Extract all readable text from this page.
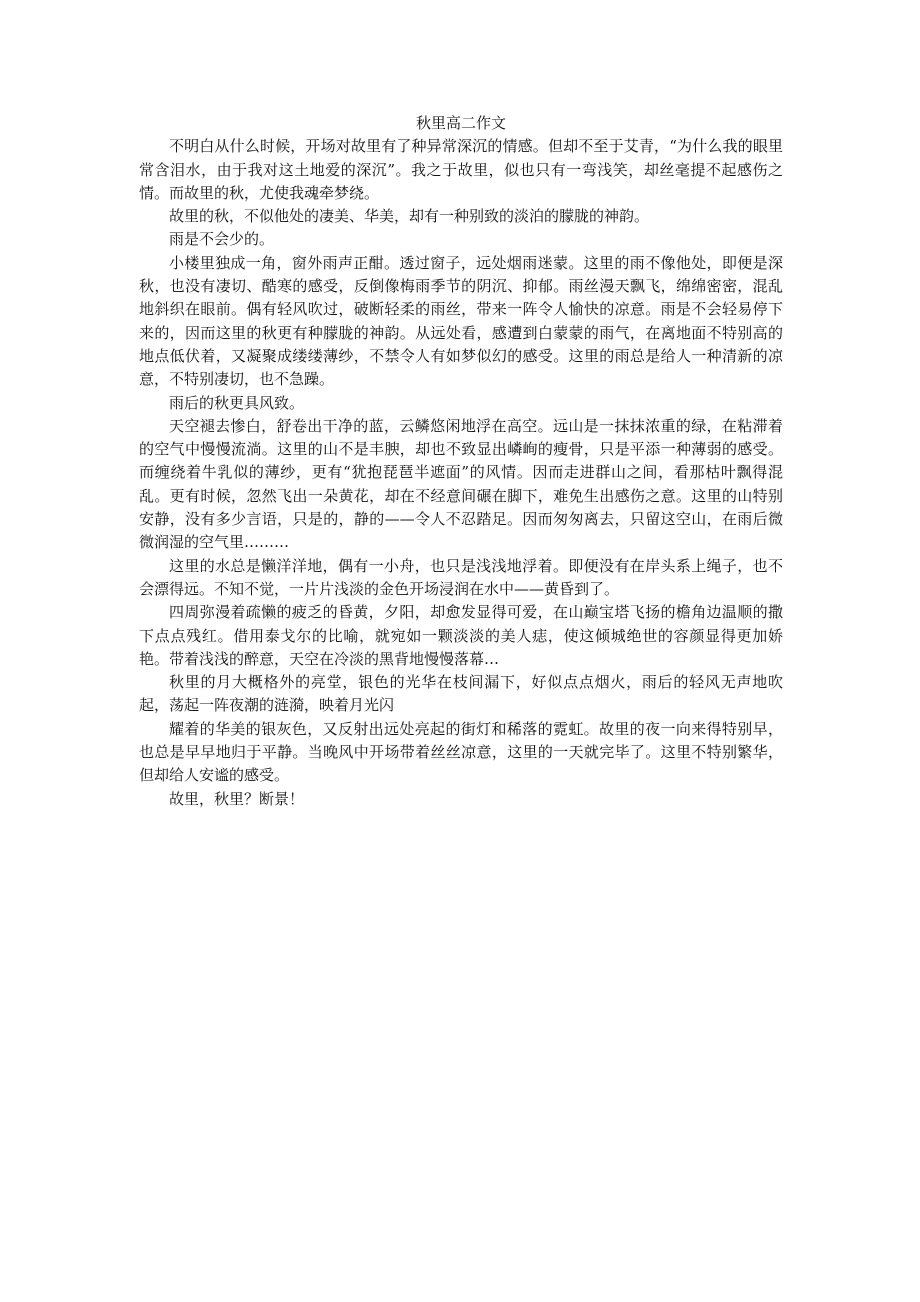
秋里高二作文

不明白从什么时候，开场对故里有了种异常深沉的情感。但却不至于艾青，“为什么我的眼里常含泪水，由于我对这土地爱的深沉”。我之于故里，似也只有一弯浅笑，却丝毫提不起感伤之情。而故里的秋，尤使我魂牵梦绕。

故里的秋，不似他处的凄美、华美，却有一种别致的淡泊的朦胧的神韵。

雨是不会少的。

小楼里独成一角，窗外雨声正酣。透过窗子，远处烟雨迷蒙。这里的雨不像他处，即便是深秋，也没有凄切、酷寒的感受，反倒像梅雨季节的阴沉、抑郁。雨丝漫天飘飞，绵绵密密，混乱地斜织在眼前。偶有轻风吹过，破断轻柔的雨丝，带来一阵令人愉快的凉意。雨是不会轻易停下来的，因而这里的秋更有种朦胧的神韵。从远处看，感遭到白蒙蒙的雨气，在离地面不特别高的地点低伏着，又凝聚成缕缕薄纱，不禁令人有如梦似幻的感受。这里的雨总是给人一种清新的凉意，不特别凄切，也不急躁。

雨后的秋更具风致。

天空褪去惨白，舒卷出干净的蓝，云鳞悠闲地浮在高空。远山是一抹抹浓重的绿，在粘滞着的空气中慢慢流淌。这里的山不是丰腴，却也不致显出嶙峋的瘦骨，只是平添一种薄弱的感受。而缠绕着牛乳似的薄纱，更有“犹抱琵琶半遮面”的风情。因而走进群山之间，看那枯叶飘得混乱。更有时候，忽然飞出一朵黄花，却在不经意间碾在脚下，难免生出感伤之意。这里的山特别安静，没有多少言语，只是的，静的——令人不忍踏足。因而匆匆离去，只留这空山，在雨后微微润湿的空气里………

这里的水总是懒洋洋地，偶有一小舟，也只是浅浅地浮着。即便没有在岸头系上绳子，也不会漂得远。不知不觉，一片片浅淡的金色开场浸润在水中——黄昏到了。

四周弥漫着疏懒的疲乏的昏黄，夕阳，却愈发显得可爱，在山巅宝塔飞扬的檐角边温顺的撒下点点残红。借用泰戈尔的比喻，就宛如一颗淡淡的美人痣，使这倾城绝世的容颜显得更加娇艳。带着浅浅的醉意，天空在冷淡的黑背地慢慢落幕…

秋里的月大概格外的亮堂，银色的光华在枝间漏下，好似点点烟火，雨后的轻风无声地吹起，荡起一阵夜潮的涟漪，映着月光闪

耀着的华美的银灰色，又反射出远处亮起的街灯和稀落的霓虹。故里的夜一向来得特别早，也总是早早地归于平静。当晚风中开场带着丝丝凉意，这里的一天就完毕了。这里不特别繁华，但却给人安谧的感受。

故里，秋里？断景！
